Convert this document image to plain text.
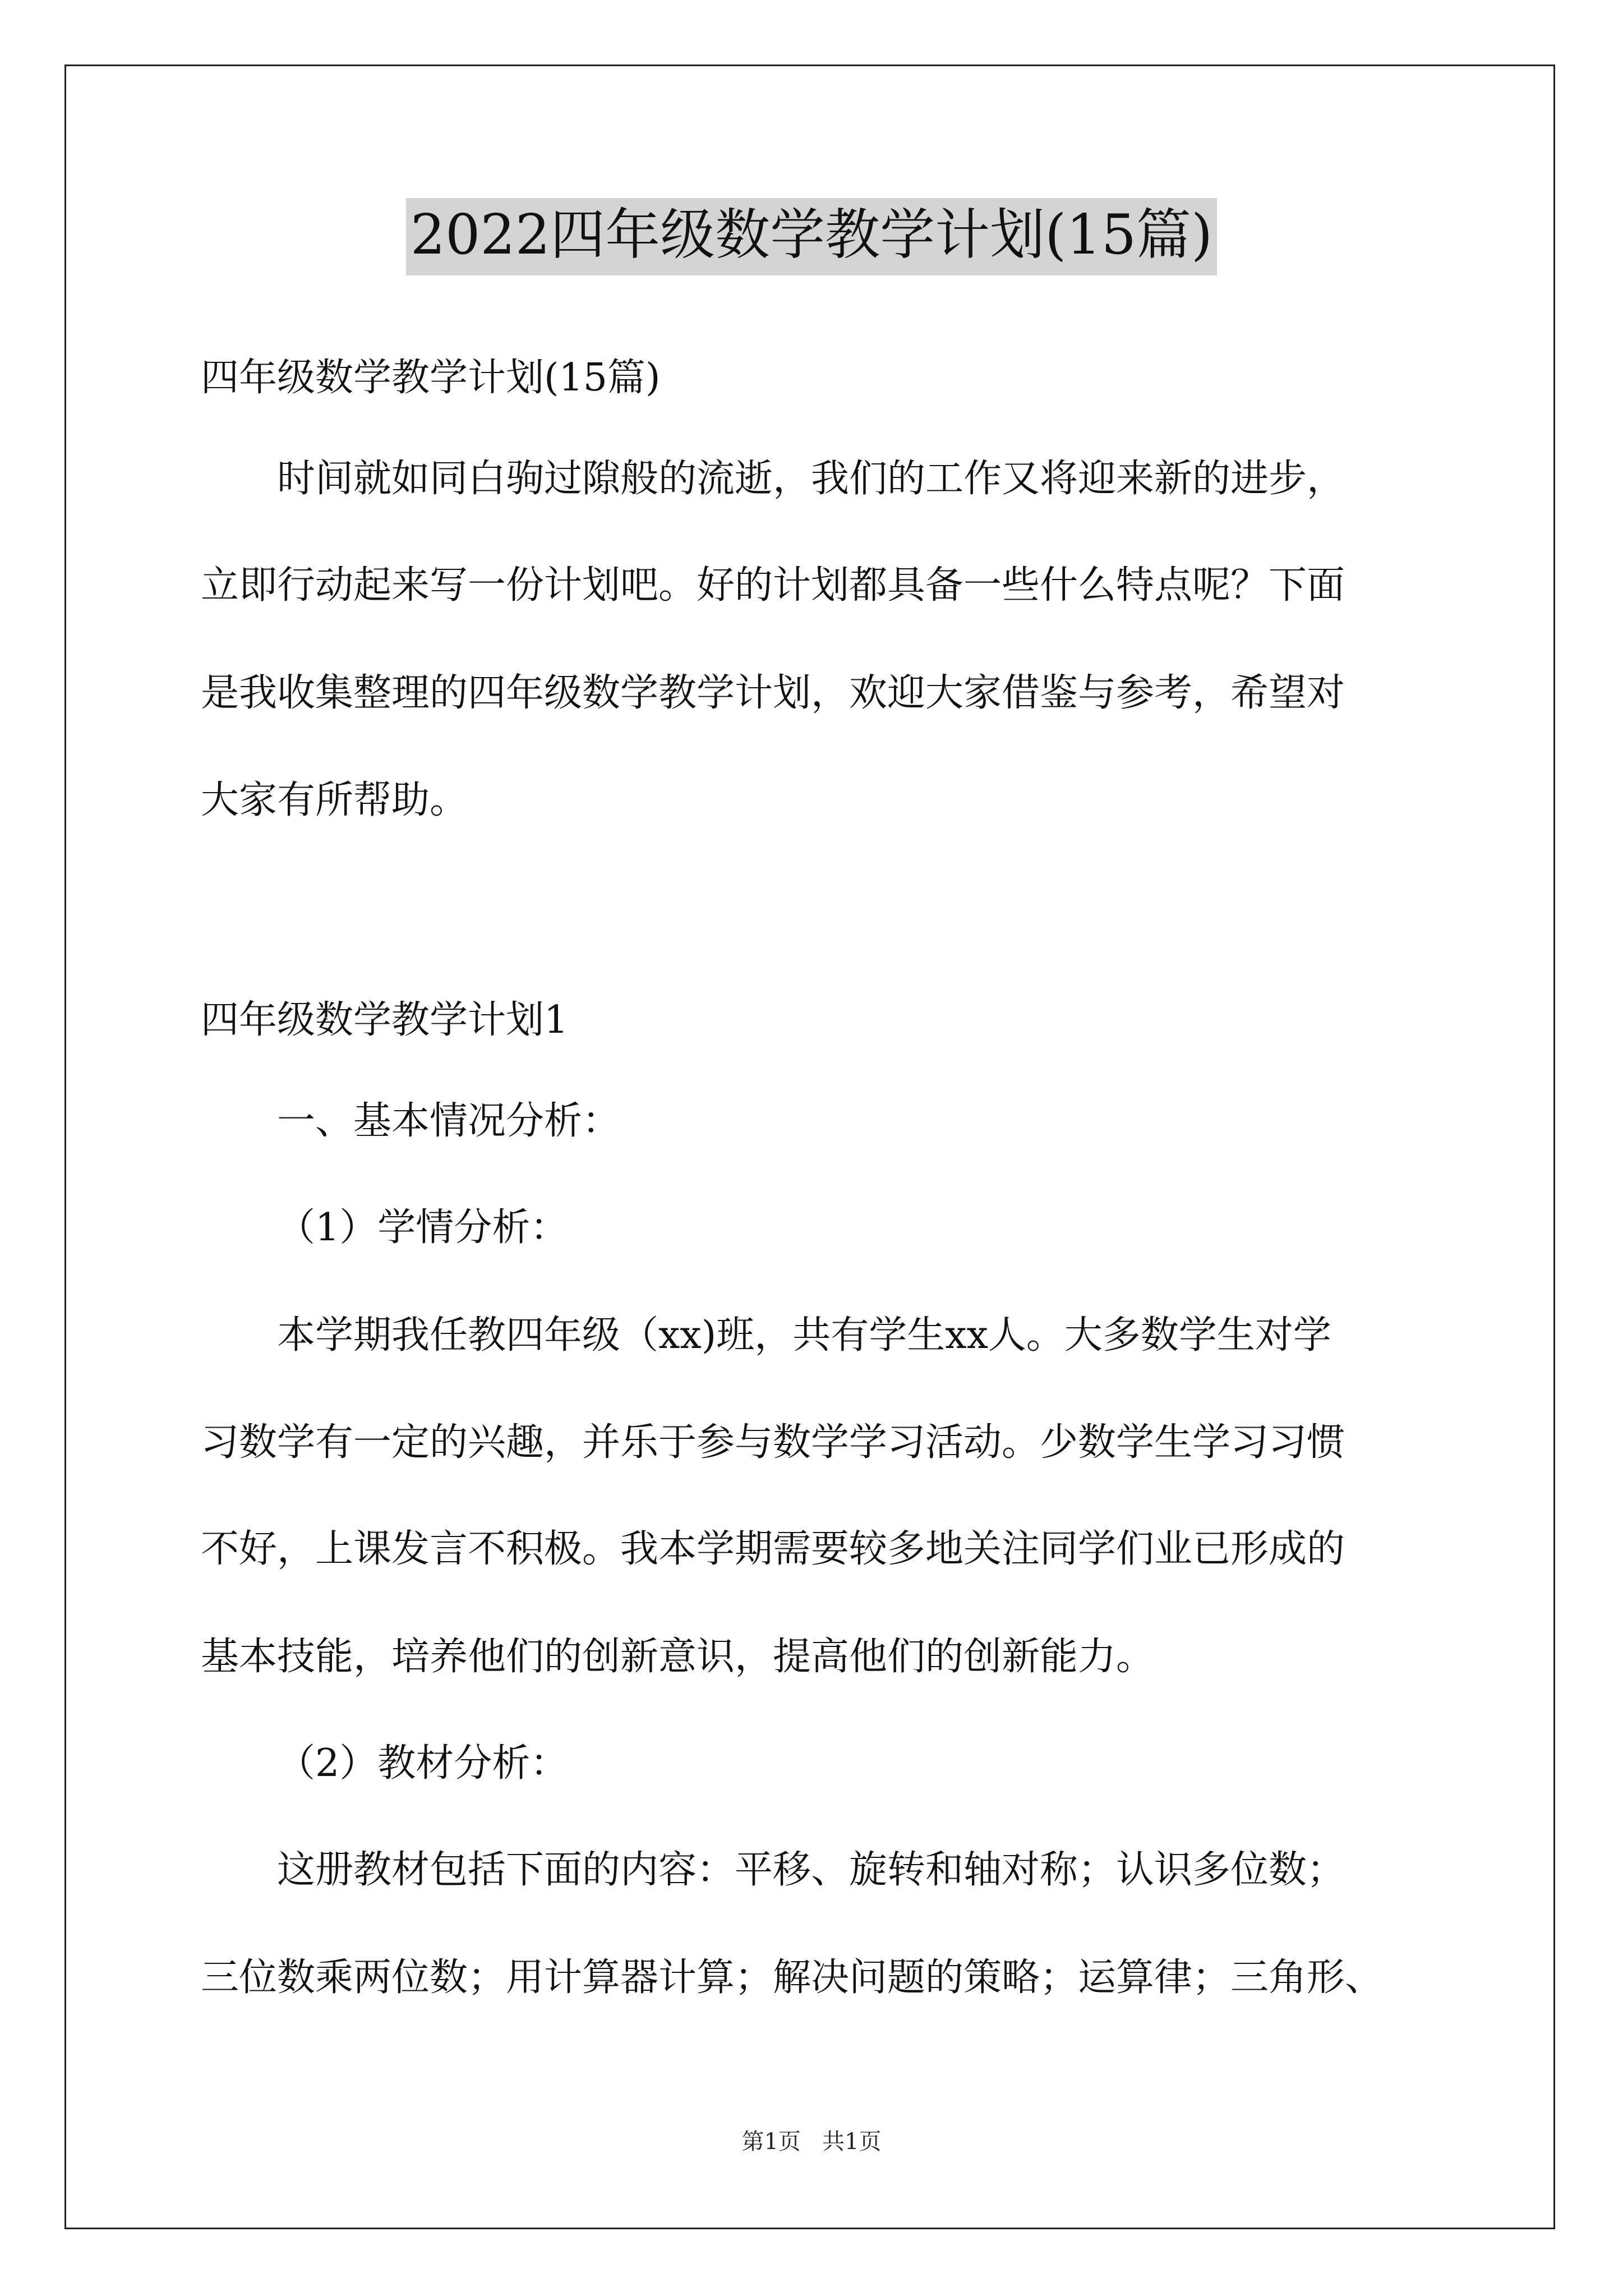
2022四年级数学教学计划(15篇)
四年级数学教学计划(15篇)
时间就如同白驹过隙般的流逝，我们的工作又将迎来新的进步，
立即行动起来写一份计划吧。好的计划都具备一些什么特点呢？下面
是我收集整理的四年级数学教学计划，欢迎大家借鉴与参考，希望对
大家有所帮助。
四年级数学教学计划1
一、基本情况分析：
（1）学情分析：
本学期我任教四年级（xx)班，共有学生xx人。大多数学生对学
习数学有一定的兴趣，并乐于参与数学学习活动。少数学生学习习惯
不好，上课发言不积极。我本学期需要较多地关注同学们业已形成的
基本技能，培养他们的创新意识，提高他们的创新能力。
（2）教材分析：
这册教材包括下面的内容：平移、旋转和轴对称；认识多位数；
三位数乘两位数；用计算器计算；解决问题的策略；运算律；三角形、
第1页   共1页
